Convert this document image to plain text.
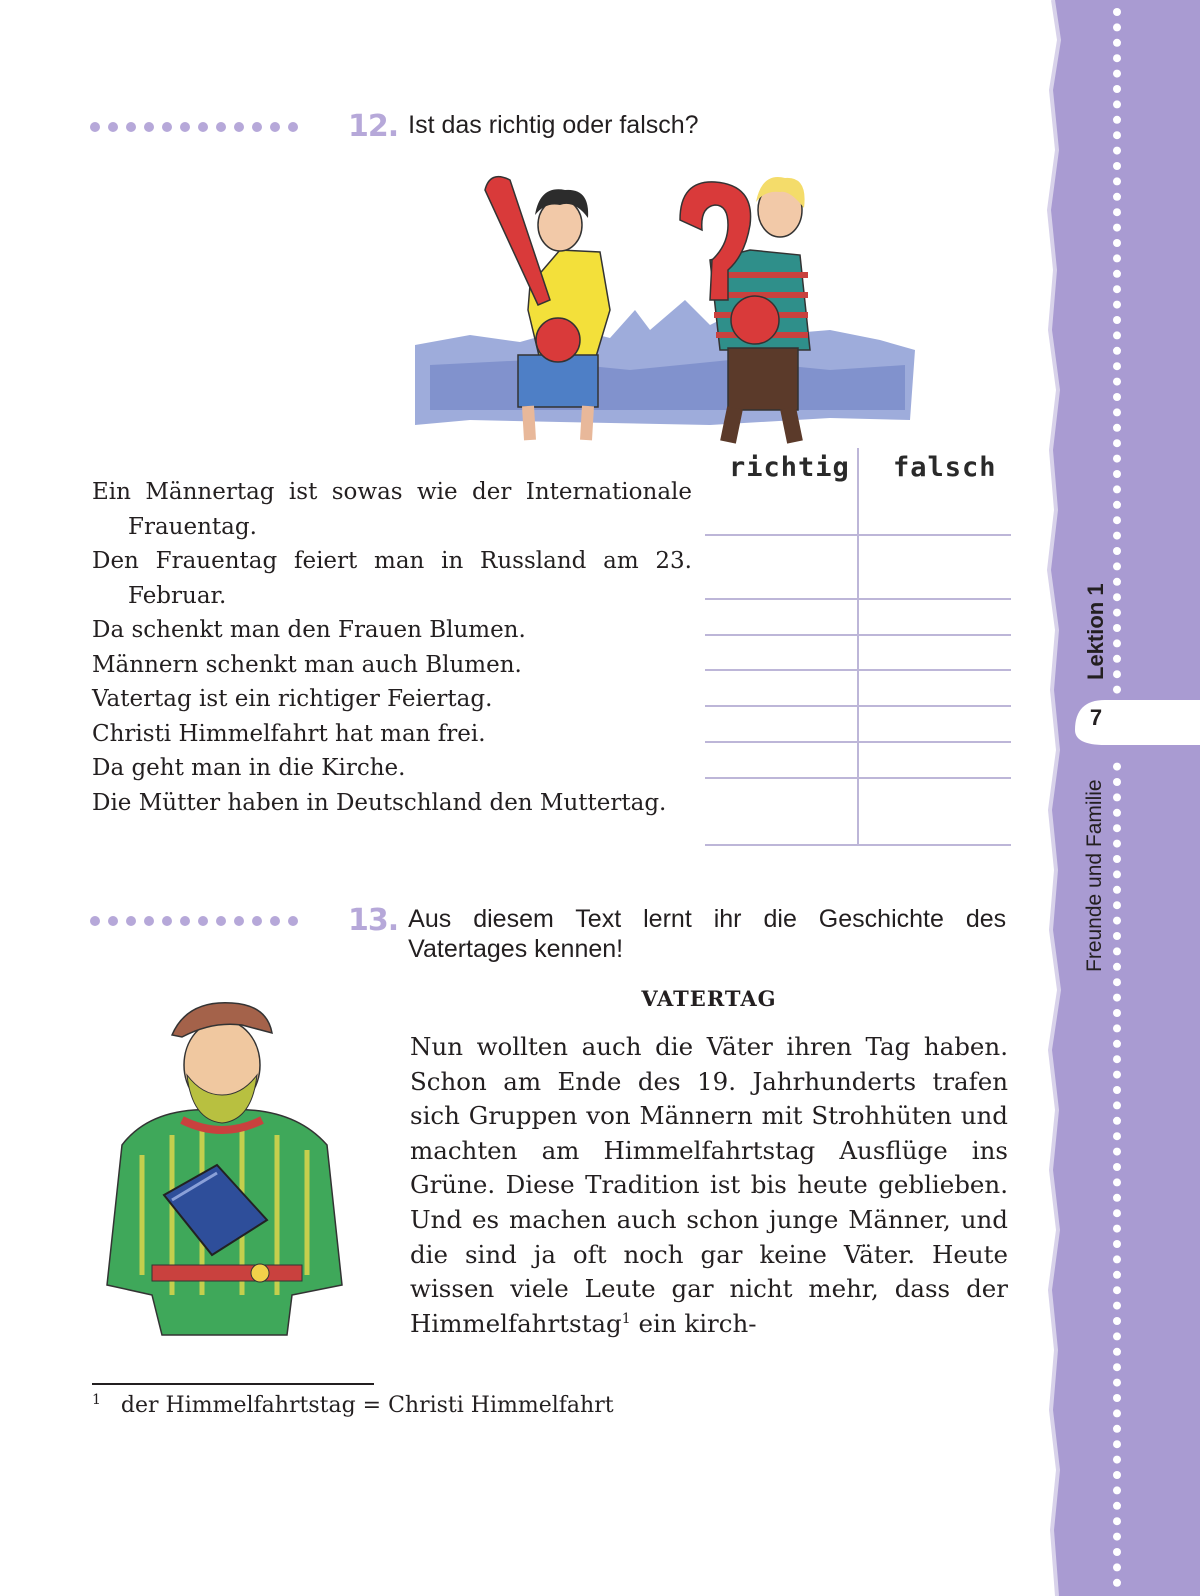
Lektion 1
7
Freunde und Familie
12. Ist das richtig oder falsch?
Ein Männertag ist sowas wie der Internationale Frauentag.
Den Frauentag feiert man in Russland am 23. Februar.
Da schenkt man den Frauen Blumen.
Männern schenkt man auch Blumen.
Vatertag ist ein richtiger Feiertag.
Christi Himmelfahrt hat man frei.
Da geht man in die Kirche.
Die Mütter haben in Deutschland den Muttertag.
richtig falsch
13. Aus diesem Text lernt ihr die Geschichte des Vatertages kennen!
VATERTAG
Nun wollten auch die Väter ihren Tag haben. Schon am Ende des 19. Jahrhunderts trafen sich Gruppen von Männern mit Strohhüten und machten am Himmelfahrtstag Ausflüge ins Grüne. Diese Tradition ist bis heute geblieben. Und es machen auch schon junge Männer, und die sind ja oft noch gar keine Väter. Heute wissen viele Leute gar nicht mehr, dass der Himmelfahrtstag$^1$ ein kirch-
$^1$ der Himmelfahrtstag = Christi Himmelfahrt
